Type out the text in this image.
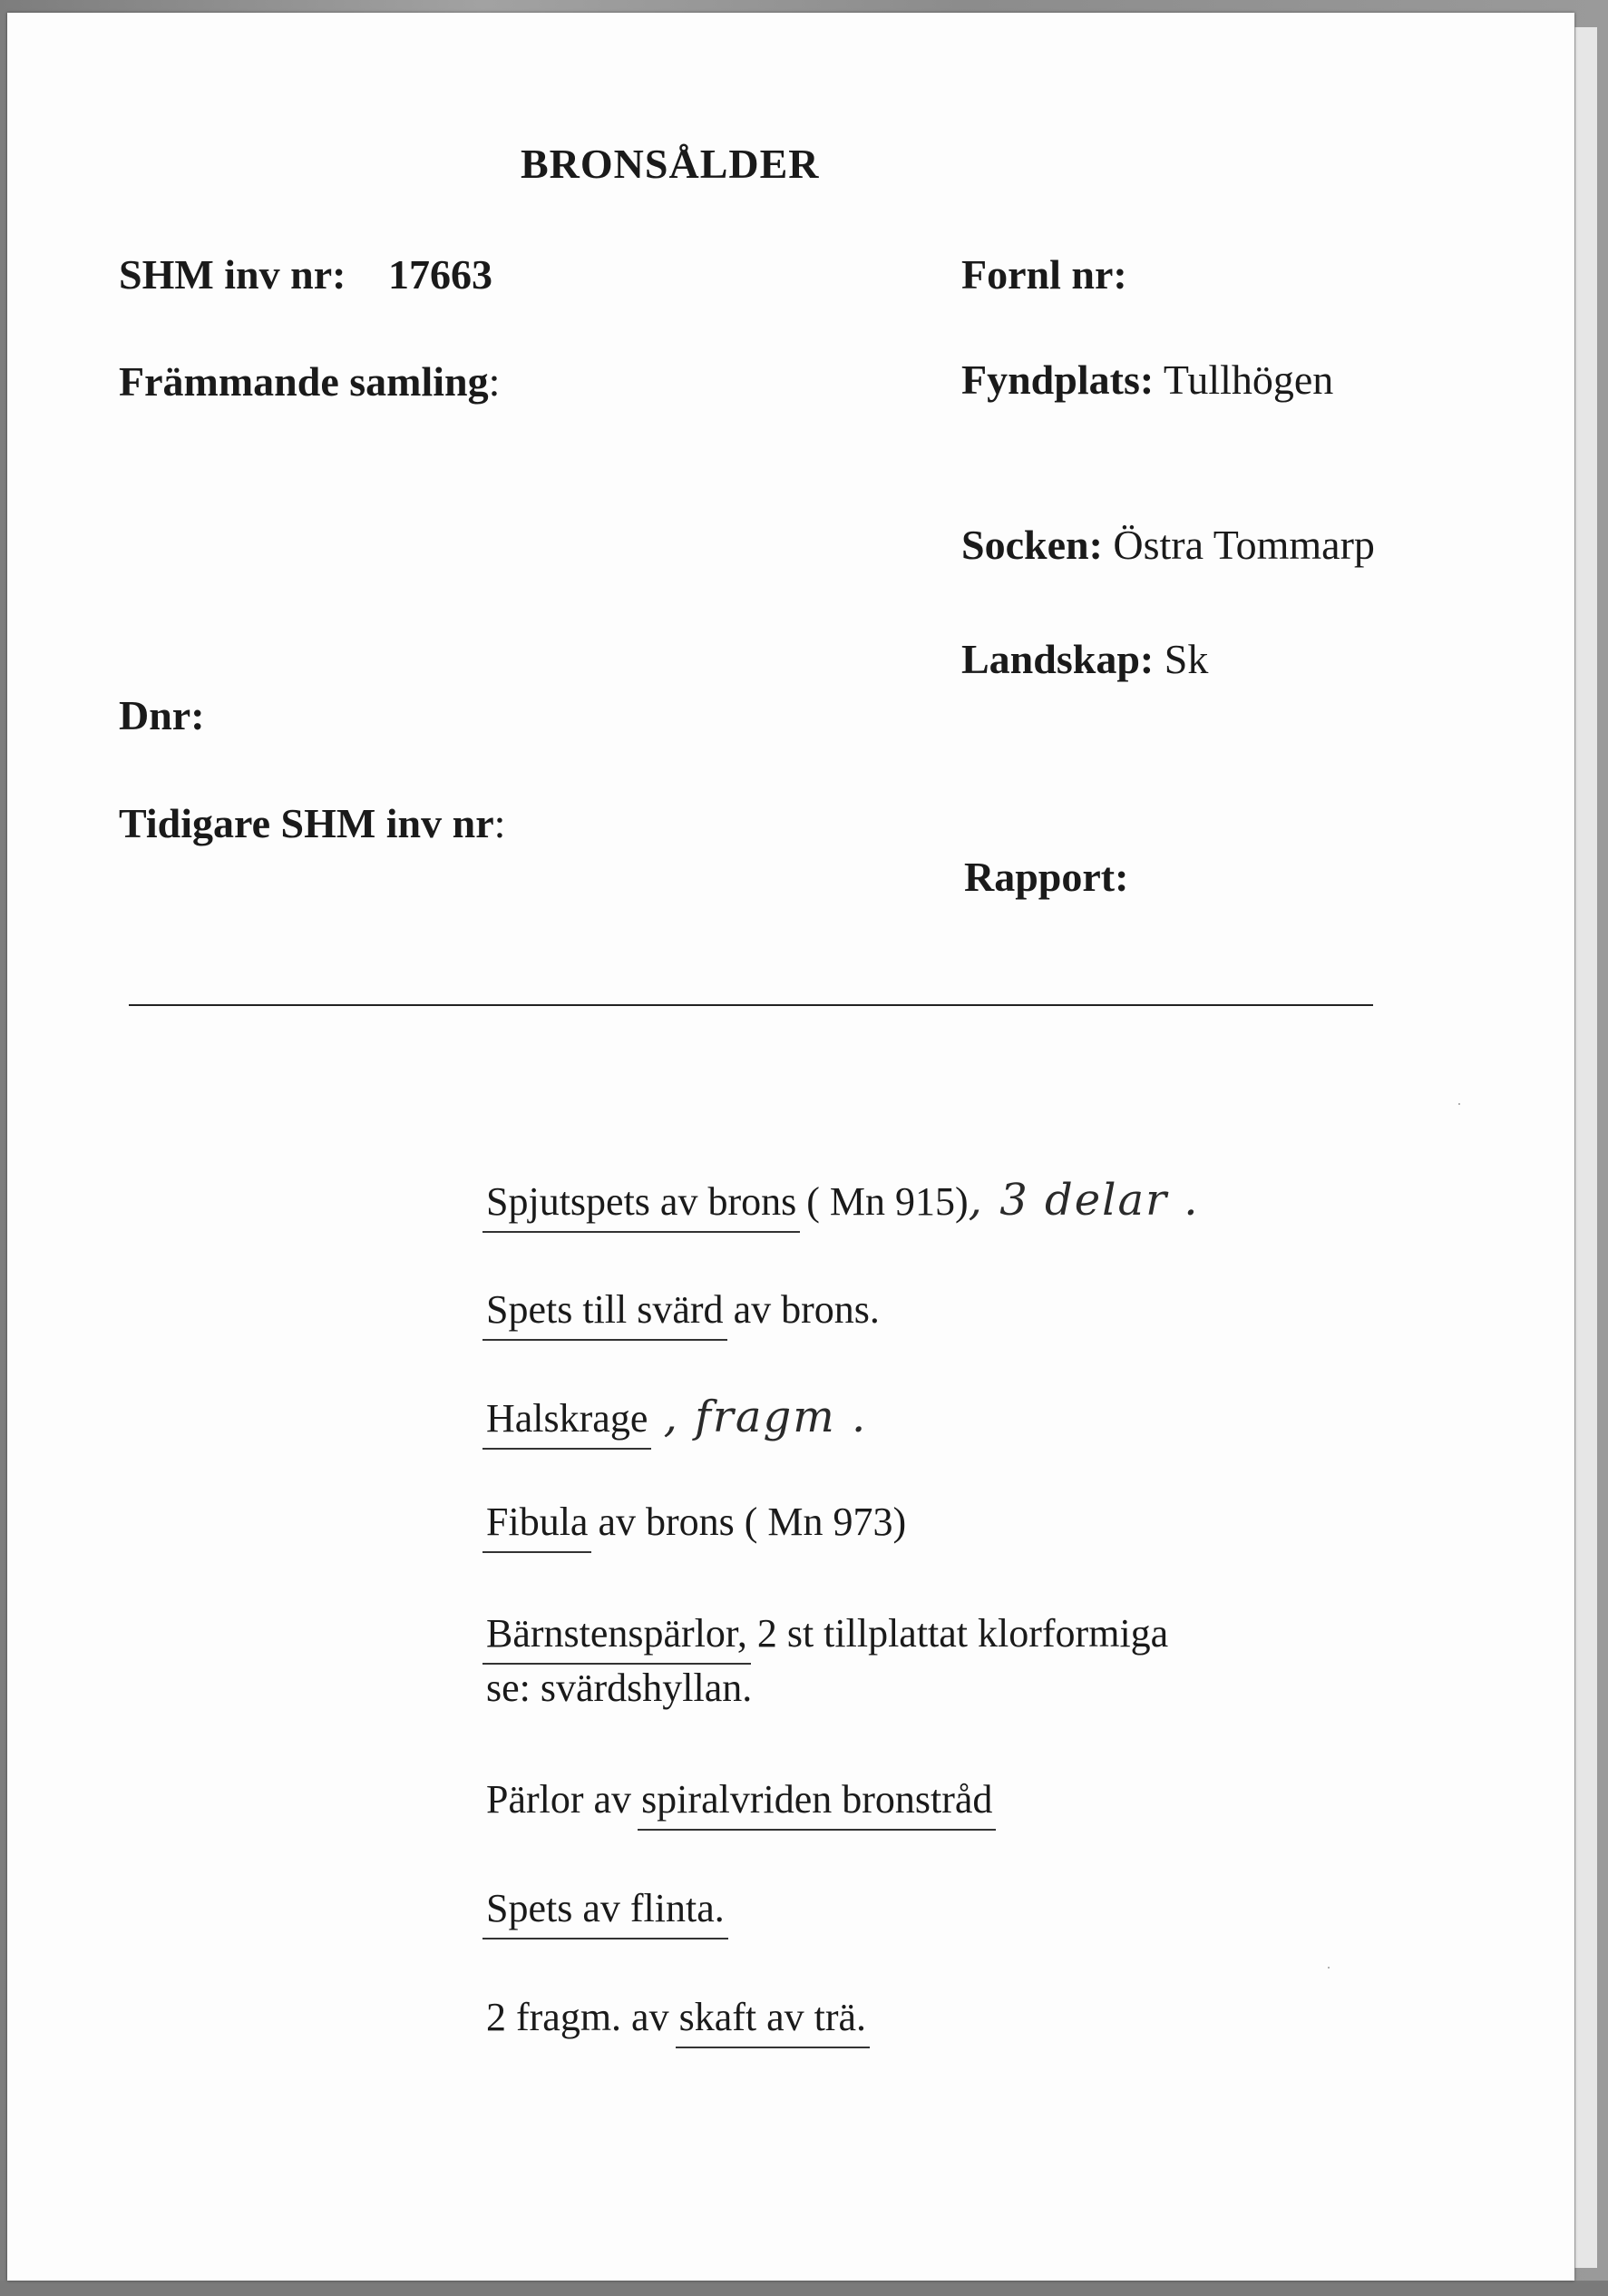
BRONSÅLDER
SHM inv nr: 17663
Främmande samling:
Dnr:
Tidigare SHM inv nr:
Fornl nr:
Fyndplats: Tullhögen
Socken: Östra Tommarp
Landskap: Sk
Rapport:
Spjutspets av brons ( Mn 915), 3 delar .
Spets till svärd av brons.
Halskrage , fragm .
Fibula av brons ( Mn 973)
Bärnstenspärlor, 2 st tillplattat klorformiga
se: svärdshyllan.
Pärlor av spiralvriden bronstråd
Spets av flinta.
2 fragm. av skaft av trä.
